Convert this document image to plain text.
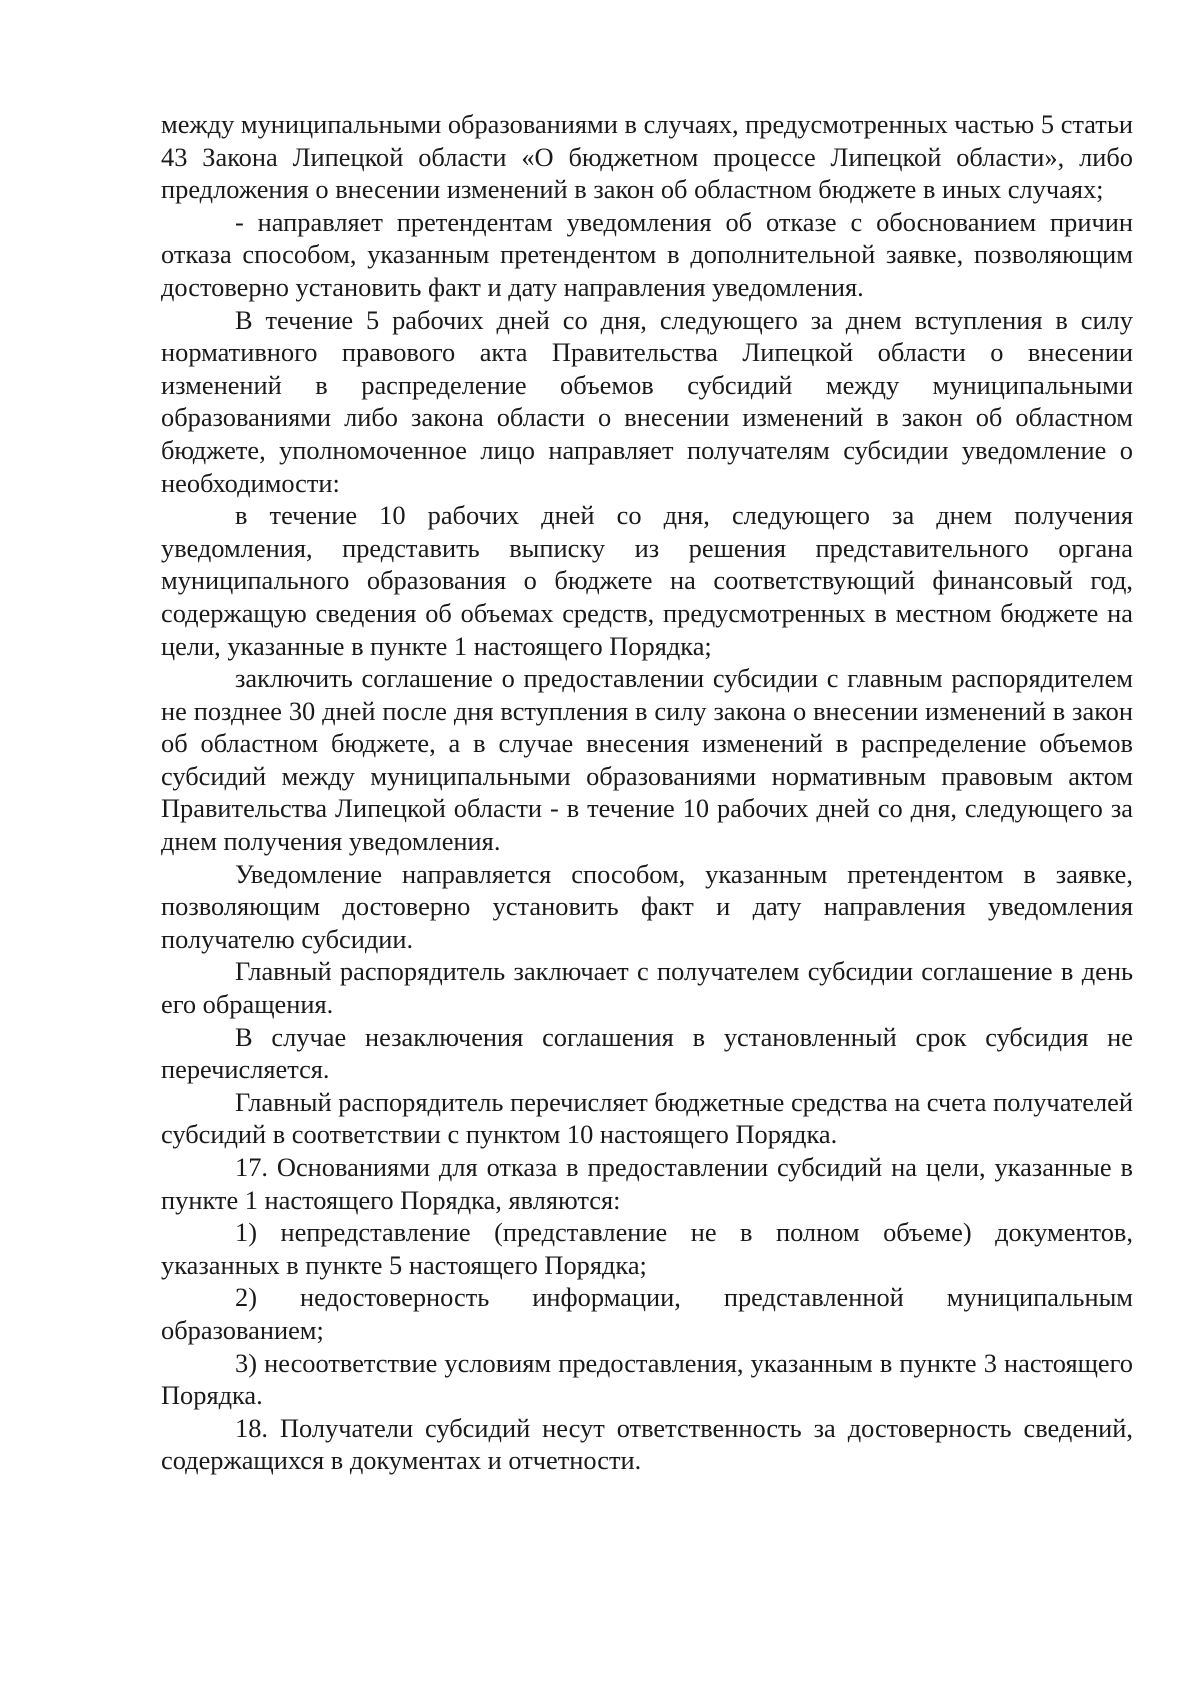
между муниципальными образованиями в случаях, предусмотренных частью 5 статьи 43 Закона Липецкой области «О бюджетном процессе Липецкой области», либо предложения о внесении изменений в закон об областном бюджете в иных случаях;

- направляет претендентам уведомления об отказе с обоснованием причин отказа способом, указанным претендентом в дополнительной заявке, позволяющим достоверно установить факт и дату направления уведомления.

В течение 5 рабочих дней со дня, следующего за днем вступления в силу нормативного правового акта Правительства Липецкой области о внесении изменений в распределение объемов субсидий между муниципальными образованиями либо закона области о внесении изменений в закон об областном бюджете, уполномоченное лицо направляет получателям субсидии уведомление о необходимости:

в течение 10 рабочих дней со дня, следующего за днем получения уведомления, представить выписку из решения представительного органа муниципального образования о бюджете на соответствующий финансовый год, содержащую сведения об объемах средств, предусмотренных в местном бюджете на цели, указанные в пункте 1 настоящего Порядка;

заключить соглашение о предоставлении субсидии с главным распорядителем не позднее 30 дней после дня вступления в силу закона о внесении изменений в закон об областном бюджете, а в случае внесения изменений в распределение объемов субсидий между муниципальными образованиями нормативным правовым актом Правительства Липецкой области - в течение 10 рабочих дней со дня, следующего за днем получения уведомления.

Уведомление направляется способом, указанным претендентом в заявке, позволяющим достоверно установить факт и дату направления уведомления получателю субсидии.

Главный распорядитель заключает с получателем субсидии соглашение в день его обращения.

В случае незаключения соглашения в установленный срок субсидия не перечисляется.

Главный распорядитель перечисляет бюджетные средства на счета получателей субсидий в соответствии с пунктом 10 настоящего Порядка.

17. Основаниями для отказа в предоставлении субсидий на цели, указанные в пункте 1 настоящего Порядка, являются:

1) непредставление (представление не в полном объеме) документов, указанных в пункте 5 настоящего Порядка;

2) недостоверность информации, представленной муниципальным образованием;

3) несоответствие условиям предоставления, указанным в пункте 3 настоящего Порядка.

18. Получатели субсидий несут ответственность за достоверность сведений, содержащихся в документах и отчетности.
